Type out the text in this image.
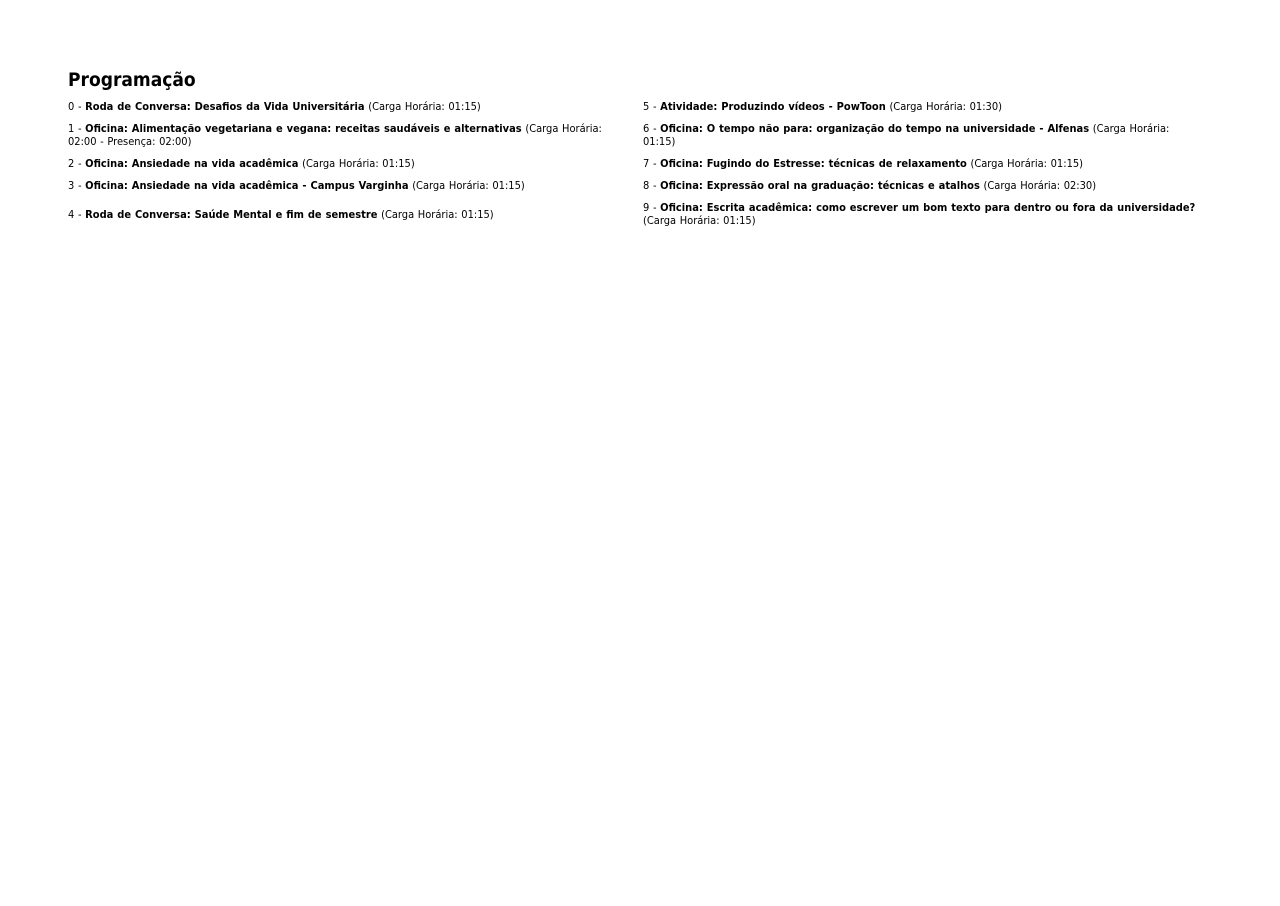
Programação

0 - Roda de Conversa: Desafios da Vida Universitária (Carga Horária: 01:15)

1 - Oficina: Alimentação vegetariana e vegana: receitas saudáveis e alternativas (Carga Horária: 02:00 - Presença: 02:00)

2 - Oficina: Ansiedade na vida acadêmica (Carga Horária: 01:15)

3 - Oficina: Ansiedade na vida acadêmica - Campus Varginha (Carga Horária: 01:15)

4 - Roda de Conversa: Saúde Mental e fim de semestre (Carga Horária: 01:15)

5 - Atividade: Produzindo vídeos - PowToon (Carga Horária: 01:30)

6 - Oficina: O tempo não para: organização do tempo na universidade - Alfenas (Carga Horária: 01:15)

7 - Oficina: Fugindo do Estresse: técnicas de relaxamento (Carga Horária: 01:15)

8 - Oficina: Expressão oral na graduação: técnicas e atalhos (Carga Horária: 02:30)

9 - Oficina: Escrita acadêmica: como escrever um bom texto para dentro ou fora da universidade? (Carga Horária: 01:15)
